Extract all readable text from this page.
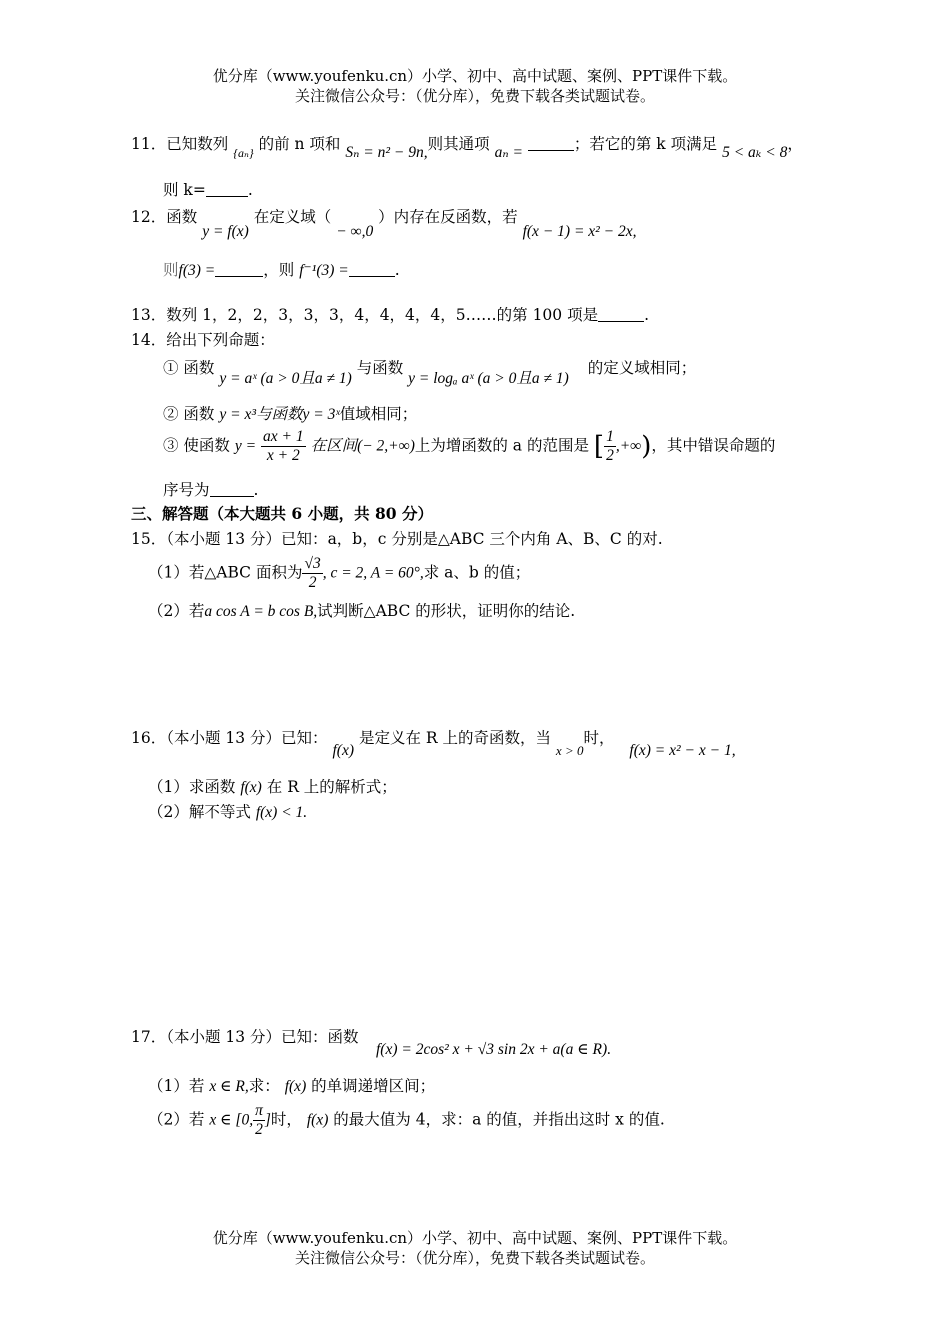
优分库（www.youfenku.cn）小学、初中、高中试题、案例、PPT课件下载。
关注微信公众号：（优分库），免费下载各类试题试卷。
11．已知数列 $_{\{a_n\}}$ 的前 n 项和 Sₙ = n² − 9n,则其通项 aₙ =	；若它的第 k 项满足 5 < aₖ < 8，
则 k=	.
12．函数 y = f(x) 在定义域（ − ∞,0 ）内存在反函数，若 f(x − 1) = x² − 2x,
则f(3) =	，则 f⁻¹(3) =	.
13．数列 1，2，2，3，3，3，4，4，4，4，5……的第 100 项是	.
14．给出下列命题：
① 函数 y = aˣ (a > 0且a ≠ 1) 与函数 y = logₐ aˣ (a > 0且a ≠ 1) 的定义域相同；
② 函数 y = x³与函数y = 3ˣ值域相同；
③ 使函数 $y = \frac{ax + 1}{x + 2}$ 在区间(− 2,+∞)上为增函数的 a 的范围是 [ $\frac{1}{2}$ ,+∞)，其中错误命题的
序号为	.
三、解答题（本大题共 6 小题，共 80 分）
15．（本小题 13 分）已知：a，b，c 分别是△ABC 三个内角 A、B、C 的对.
（1）若△ABC 面积为 $\frac{√3}{2}$ , c = 2, A = 60°,求 a、b 的值；
（2）若a cos A = b cos B,试判断△ABC 的形状，证明你的结论.
16．（本小题 13 分）已知： f(x) 是定义在 R 上的奇函数，当 $_{x > 0}$时， f(x) = x² − x − 1,
（1）求函数 f(x) 在 R 上的解析式；
（2）解不等式 f(x) < 1.
17．（本小题 13 分）已知：函数
f(x) = 2cos² x + √3 sin 2x + a(a ∈ R).
（1）若 x ∈ R,求： f(x) 的单调递增区间；
（2）若 x ∈ [0, $\frac{\pi}{2}$ ]时， f(x) 的最大值为 4，求：a 的值，并指出这时 x 的值.
优分库（www.youfenku.cn）小学、初中、高中试题、案例、PPT课件下载。
关注微信公众号：（优分库），免费下载各类试题试卷。
